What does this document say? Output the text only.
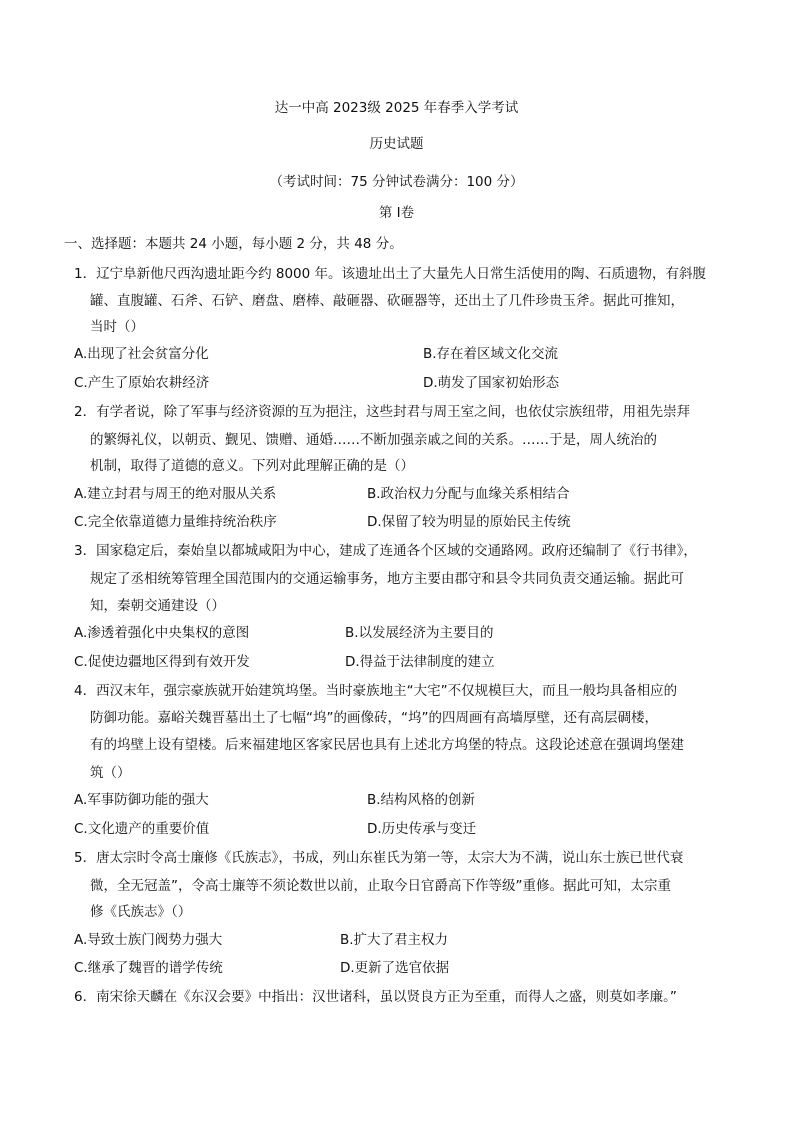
达一中高 2023级 2025 年春季入学考试
历史试题
（考试时间：75 分钟试卷满分：100 分）
第 I卷
一、选择题：本题共 24 小题，每小题 2 分，共 48 分。
1．辽宁阜新他尺西沟遗址距今约 8000 年。该遗址出土了大量先人日常生活使用的陶、石质遗物，有斜腹
罐、直腹罐、石斧、石铲、磨盘、磨棒、敲砸器、砍砸器等，还出土了几件珍贵玉斧。据此可推知，
当时（）
A.出现了社会贫富分化	B.存在着区域文化交流
C.产生了原始农耕经济	D.萌发了国家初始形态
2．有学者说，除了军事与经济资源的互为挹注，这些封君与周王室之间，也依仗宗族纽带，用祖先崇拜
的繁缛礼仪，以朝贡、觐见、馈赠、通婚……不断加强亲戚之间的关系。……于是，周人统治的
机制，取得了道德的意义。下列对此理解正确的是（）
A.建立封君与周王的绝对服从关系	B.政治权力分配与血缘关系相结合
C.完全依靠道德力量维持统治秩序	D.保留了较为明显的原始民主传统
3．国家稳定后，秦始皇以都城咸阳为中心，建成了连通各个区域的交通路网。政府还编制了《行书律》，
规定了丞相统筹管理全国范围内的交通运输事务，地方主要由郡守和县令共同负责交通运输。据此可
知，秦朝交通建设（）
A.渗透着强化中央集权的意图	B.以发展经济为主要目的
C.促使边疆地区得到有效开发	D.得益于法律制度的建立
4．西汉末年，强宗豪族就开始建筑坞堡。当时豪族地主“大宅”不仅规模巨大，而且一般均具备相应的
防御功能。嘉峪关魏晋墓出土了七幅“坞”的画像砖，“坞”的四周画有高墙厚壁，还有高层碉楼，
有的坞壁上设有望楼。后来福建地区客家民居也具有上述北方坞堡的特点。这段论述意在强调坞堡建
筑（）
A.军事防御功能的强大	B.结构风格的创新
C.文化遗产的重要价值	D.历史传承与变迁
5．唐太宗时令高士廉修《氏族志》，书成，列山东崔氏为第一等，太宗大为不满，说山东士族已世代衰
微，全无冠盖”，令高士廉等不须论数世以前，止取今日官爵高下作等级”重修。据此可知，太宗重
修《氏族志》（）
A.导致士族门阀势力强大	B.扩大了君主权力
C.继承了魏晋的谱学传统	D.更新了选官依据
6．南宋徐天麟在《东汉会要》中指出：汉世诸科，虽以贤良方正为至重，而得人之盛，则莫如孝廉。”
